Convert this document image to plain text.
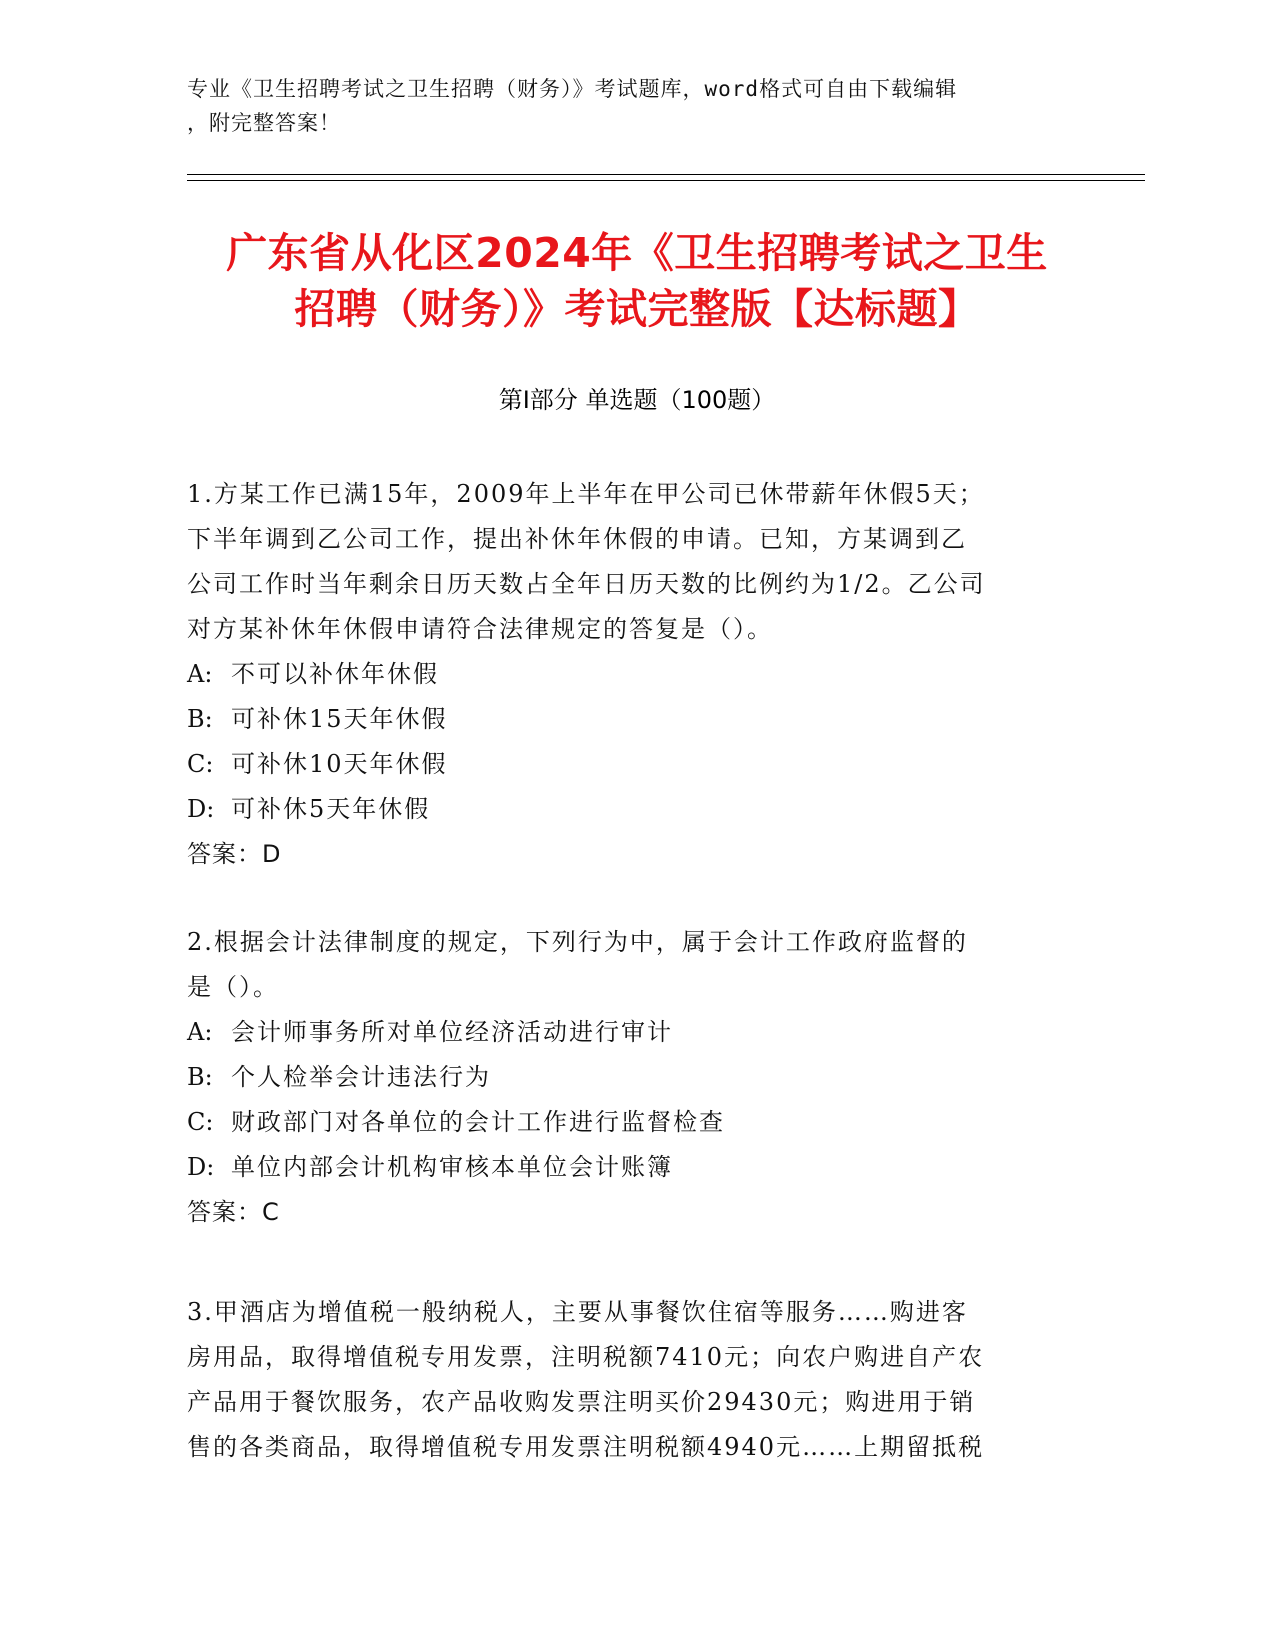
专业《卫生招聘考试之卫生招聘（财务）》考试题库，word格式可自由下载编辑
，附完整答案！
广东省从化区2024年《卫生招聘考试之卫生
招聘（财务）》考试完整版【达标题】
第Ⅰ部分 单选题（100题）
1.方某工作已满15年，2009年上半年在甲公司已休带薪年休假5天；
下半年调到乙公司工作，提出补休年休假的申请。已知，方某调到乙
公司工作时当年剩余日历天数占全年日历天数的比例约为1/2。乙公司
对方某补休年休假申请符合法律规定的答复是（）。
A: 不可以补休年休假
B: 可补休15天年休假
C: 可补休10天年休假
D: 可补休5天年休假
答案：D
2.根据会计法律制度的规定，下列行为中，属于会计工作政府监督的
是（）。
A: 会计师事务所对单位经济活动进行审计
B: 个人检举会计违法行为
C: 财政部门对各单位的会计工作进行监督检查
D: 单位内部会计机构审核本单位会计账簿
答案：C
3.甲酒店为增值税一般纳税人，主要从事餐饮住宿等服务……购进客
房用品，取得增值税专用发票，注明税额7410元；向农户购进自产农
产品用于餐饮服务，农产品收购发票注明买价29430元；购进用于销
售的各类商品，取得增值税专用发票注明税额4940元……上期留抵税
